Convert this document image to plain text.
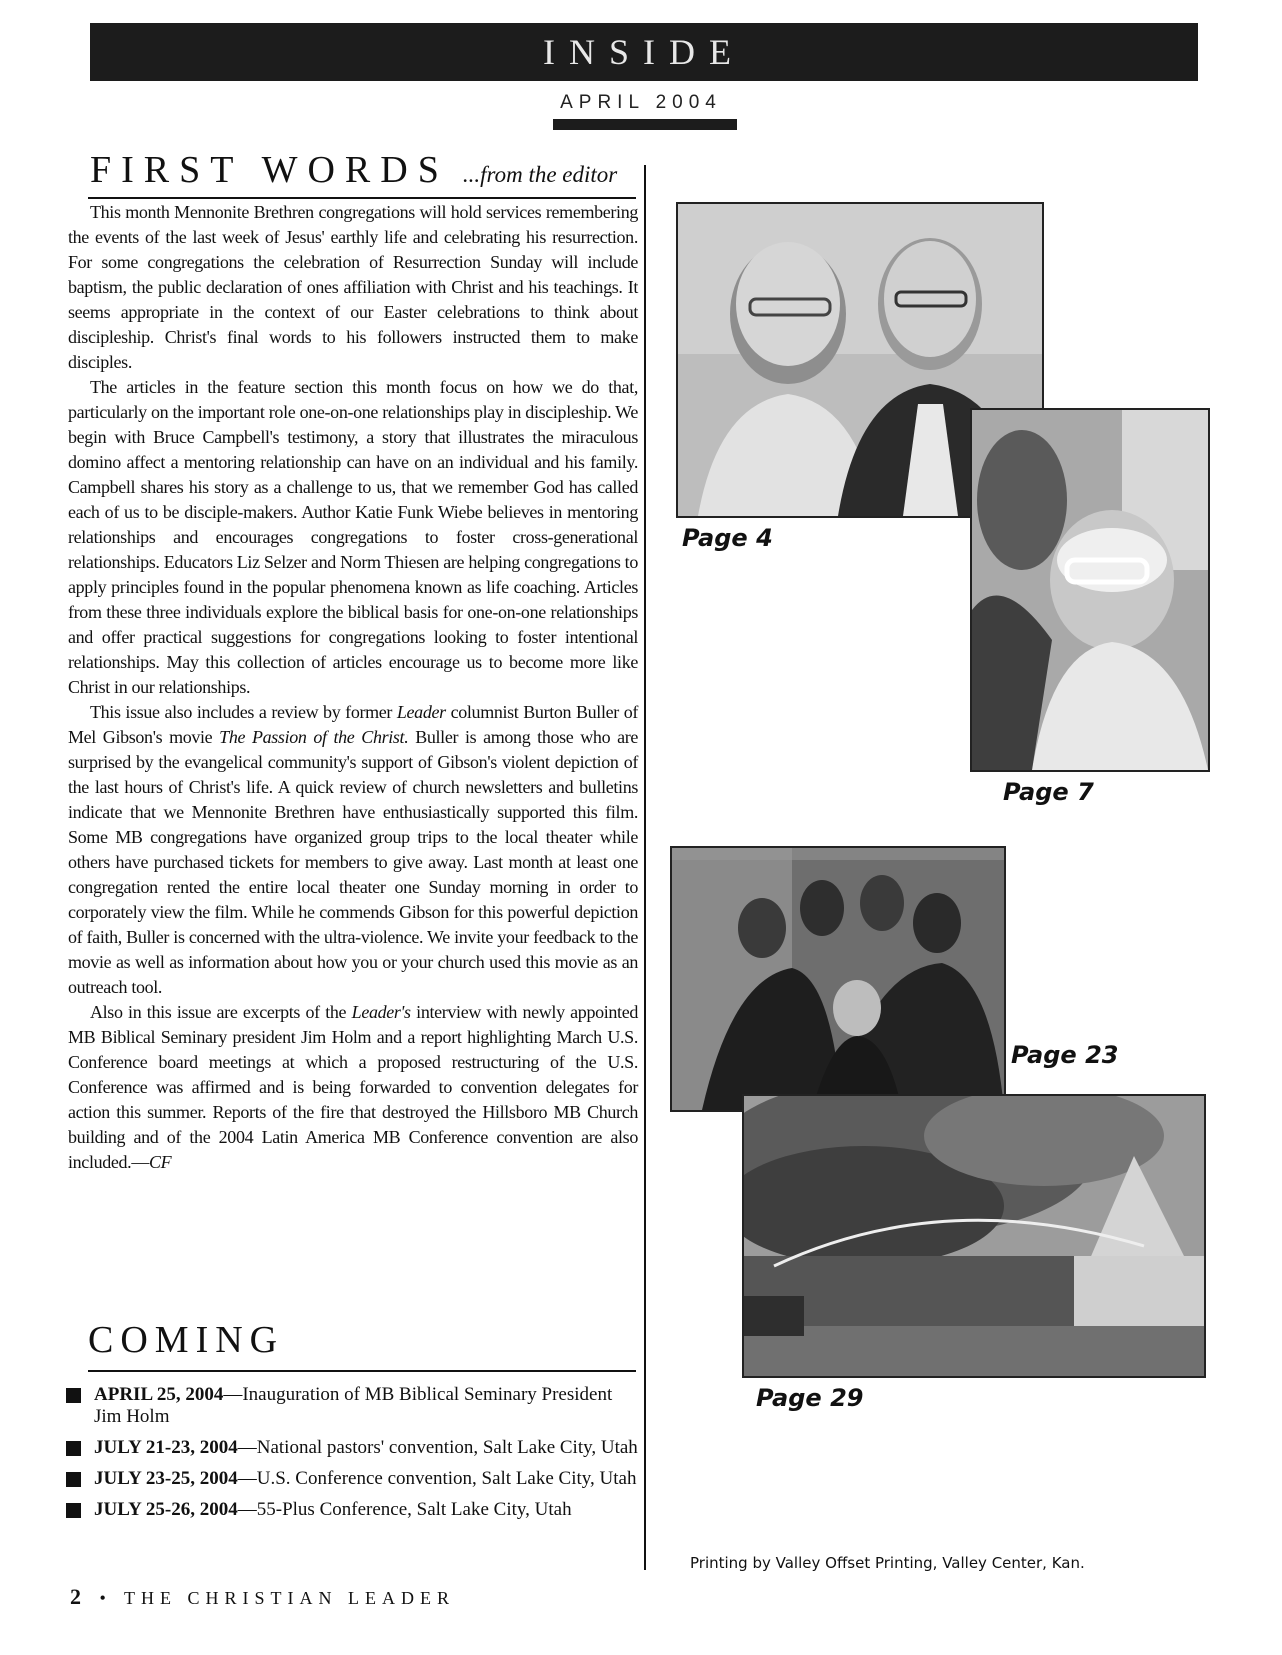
INSIDE
APRIL 2004
FIRST WORDS ...from the editor

This month Mennonite Brethren congregations will hold services remembering the events of the last week of Jesus' earthly life and celebrating his resurrection. For some congregations the celebration of Resurrection Sunday will include baptism, the public declaration of ones affiliation with Christ and his teachings. It seems appropriate in the context of our Easter celebrations to think about discipleship. Christ's final words to his followers instructed them to make disciples.

The articles in the feature section this month focus on how we do that, particularly on the important role one-on-one relationships play in discipleship. We begin with Bruce Campbell's testimony, a story that illustrates the miraculous domino affect a mentoring relationship can have on an individual and his family. Campbell shares his story as a challenge to us, that we remember God has called each of us to be disciple-makers. Author Katie Funk Wiebe believes in mentoring relationships and encourages congregations to foster cross-generational relationships. Educators Liz Selzer and Norm Thiesen are helping congregations to apply principles found in the popular phenomena known as life coaching. Articles from these three individuals explore the biblical basis for one-on-one relationships and offer practical suggestions for congregations looking to foster intentional relationships. May this collection of articles encourage us to become more like Christ in our relationships.

This issue also includes a review by former Leader columnist Burton Buller of Mel Gibson's movie The Passion of the Christ. Buller is among those who are surprised by the evangelical community's support of Gibson's violent depiction of the last hours of Christ's life. A quick review of church newsletters and bulletins indicate that we Mennonite Brethren have enthusiastically supported this film. Some MB congregations have organized group trips to the local theater while others have purchased tickets for members to give away. Last month at least one congregation rented the entire local theater one Sunday morning in order to corporately view the film. While he commends Gibson for this powerful depiction of faith, Buller is concerned with the ultra-violence. We invite your feedback to the movie as well as information about how you or your church used this movie as an outreach tool.

Also in this issue are excerpts of the Leader's interview with newly appointed MB Biblical Seminary president Jim Holm and a report highlighting March U.S. Conference board meetings at which a proposed restructuring of the U.S. Conference was affirmed and is being forwarded to convention delegates for action this summer. Reports of the fire that destroyed the Hillsboro MB Church building and of the 2004 Latin America MB Conference convention are also included.—CF

COMING
APRIL 25, 2004—Inauguration of MB Biblical Seminary President Jim Holm
JULY 21-23, 2004—National pastors' convention, Salt Lake City, Utah
JULY 23-25, 2004—U.S. Conference convention, Salt Lake City, Utah
JULY 25-26, 2004—55-Plus Conference, Salt Lake City, Utah
2 • THE CHRISTIAN LEADER
Page 4
Page 7
Page 23
Page 29
Printing by Valley Offset Printing, Valley Center, Kan.
